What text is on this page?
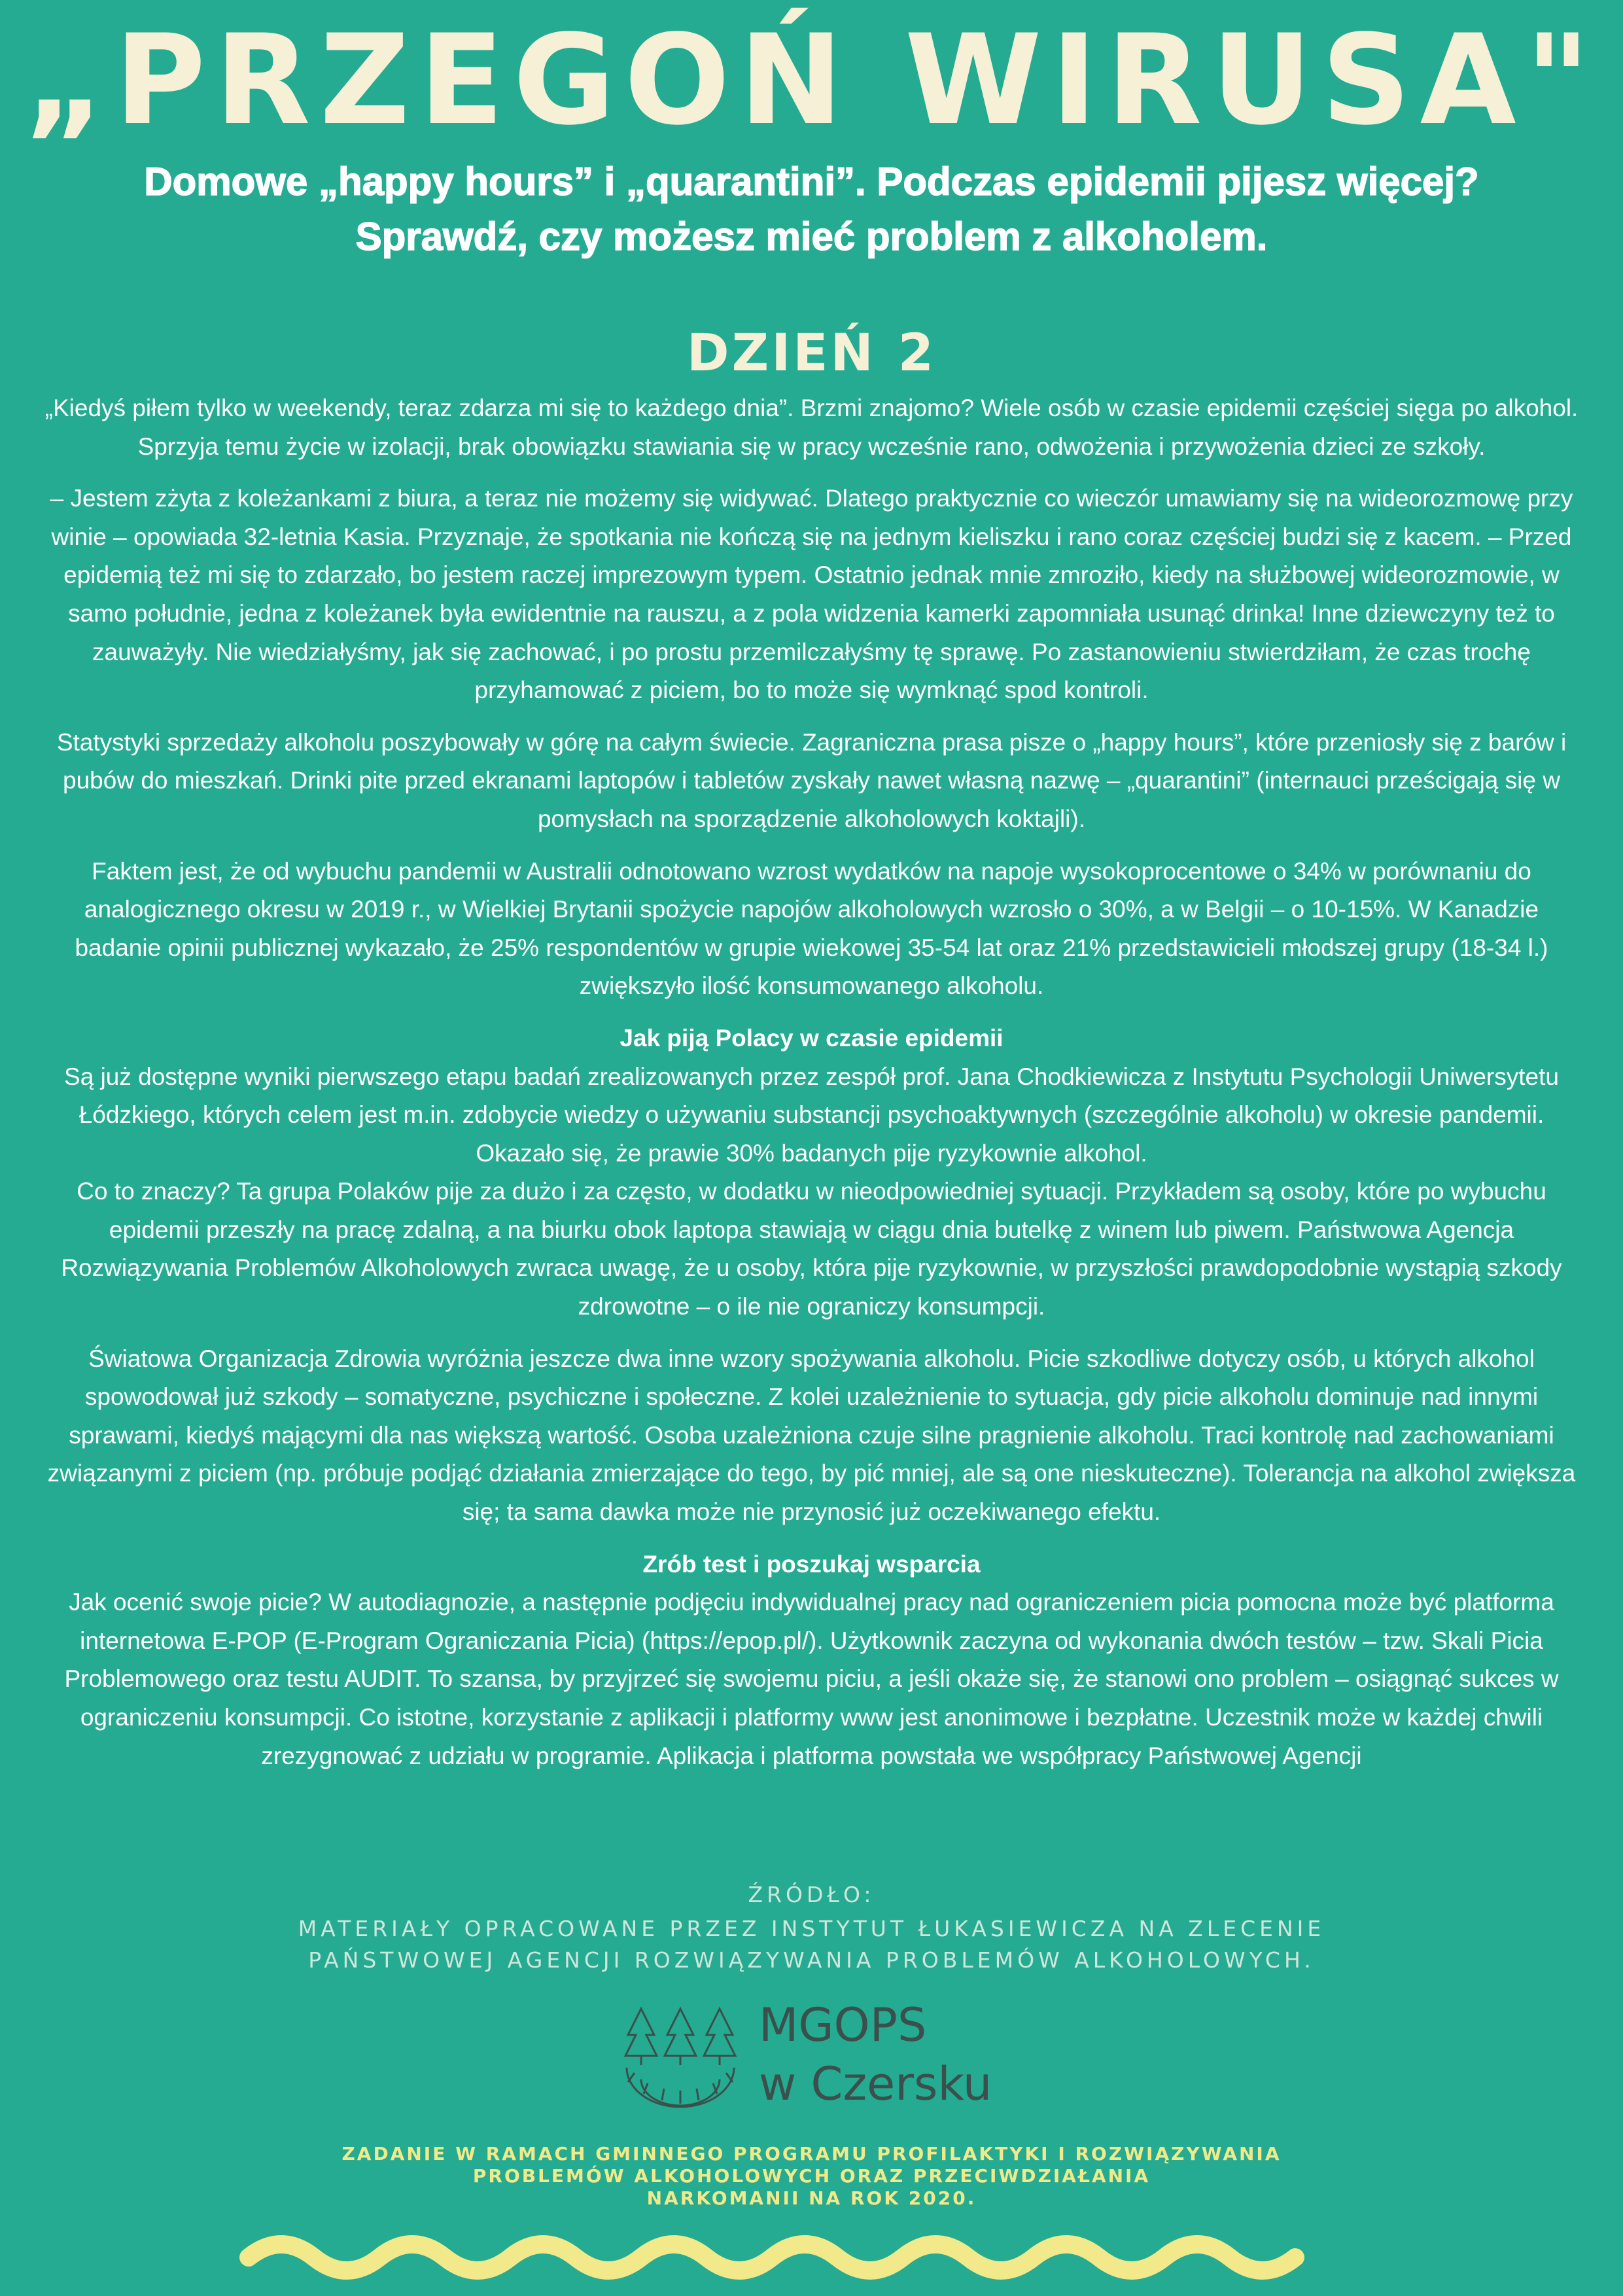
„PRZEGOŃ WIRUSA"
Domowe „happy hours” i „quarantini”. Podczas epidemii pijesz więcej? Sprawdź, czy możesz mieć problem z alkoholem.
DZIEŃ 2

„Kiedyś piłem tylko w weekendy, teraz zdarza mi się to każdego dnia”. Brzmi znajomo? Wiele osób w czasie epidemii częściej sięga po alkohol. Sprzyja temu życie w izolacji, brak obowiązku stawiania się w pracy wcześnie rano, odwożenia i przywożenia dzieci ze szkoły.

– Jestem zżyta z koleżankami z biura, a teraz nie możemy się widywać. Dlatego praktycznie co wieczór umawiamy się na wideorozmowę przy winie – opowiada 32-letnia Kasia. Przyznaje, że spotkania nie kończą się na jednym kieliszku i rano coraz częściej budzi się z kacem. – Przed epidemią też mi się to zdarzało, bo jestem raczej imprezowym typem. Ostatnio jednak mnie zmroziło, kiedy na służbowej wideorozmowie, w samo południe, jedna z koleżanek była ewidentnie na rauszu, a z pola widzenia kamerki zapomniała usunąć drinka! Inne dziewczyny też to zauważyły. Nie wiedziałyśmy, jak się zachować, i po prostu przemilczałyśmy tę sprawę. Po zastanowieniu stwierdziłam, że czas trochę przyhamować z piciem, bo to może się wymknąć spod kontroli.

Statystyki sprzedaży alkoholu poszybowały w górę na całym świecie. Zagraniczna prasa pisze o „happy hours”, które przeniosły się z barów i pubów do mieszkań. Drinki pite przed ekranami laptopów i tabletów zyskały nawet własną nazwę – „quarantini” (internauci prześcigają się w pomysłach na sporządzenie alkoholowych koktajli).

Faktem jest, że od wybuchu pandemii w Australii odnotowano wzrost wydatków na napoje wysokoprocentowe o 34% w porównaniu do analogicznego okresu w 2019 r., w Wielkiej Brytanii spożycie napojów alkoholowych wzrosło o 30%, a w Belgii – o 10-15%. W Kanadzie badanie opinii publicznej wykazało, że 25% respondentów w grupie wiekowej 35-54 lat oraz 21% przedstawicieli młodszej grupy (18-34 l.) zwiększyło ilość konsumowanego alkoholu.

Jak piją Polacy w czasie epidemii

Są już dostępne wyniki pierwszego etapu badań zrealizowanych przez zespół prof. Jana Chodkiewicza z Instytutu Psychologii Uniwersytetu Łódzkiego, których celem jest m.in. zdobycie wiedzy o używaniu substancji psychoaktywnych (szczególnie alkoholu) w okresie pandemii. Okazało się, że prawie 30% badanych pije ryzykownie alkohol.

Co to znaczy? Ta grupa Polaków pije za dużo i za często, w dodatku w nieodpowiedniej sytuacji. Przykładem są osoby, które po wybuchu epidemii przeszły na pracę zdalną, a na biurku obok laptopa stawiają w ciągu dnia butelkę z winem lub piwem. Państwowa Agencja Rozwiązywania Problemów Alkoholowych zwraca uwagę, że u osoby, która pije ryzykownie, w przyszłości prawdopodobnie wystąpią szkody zdrowotne – o ile nie ograniczy konsumpcji.

Światowa Organizacja Zdrowia wyróżnia jeszcze dwa inne wzory spożywania alkoholu. Picie szkodliwe dotyczy osób, u których alkohol spowodował już szkody – somatyczne, psychiczne i społeczne. Z kolei uzależnienie to sytuacja, gdy picie alkoholu dominuje nad innymi sprawami, kiedyś mającymi dla nas większą wartość. Osoba uzależniona czuje silne pragnienie alkoholu. Traci kontrolę nad zachowaniami związanymi z piciem (np. próbuje podjąć działania zmierzające do tego, by pić mniej, ale są one nieskuteczne). Tolerancja na alkohol zwiększa się; ta sama dawka może nie przynosić już oczekiwanego efektu.

Zrób test i poszukaj wsparcia

Jak ocenić swoje picie? W autodiagnozie, a następnie podjęciu indywidualnej pracy nad ograniczeniem picia pomocna może być platforma internetowa E-POP (E-Program Ograniczania Picia) (https://epop.pl/). Użytkownik zaczyna od wykonania dwóch testów – tzw. Skali Picia Problemowego oraz testu AUDIT. To szansa, by przyjrzeć się swojemu piciu, a jeśli okaże się, że stanowi ono problem – osiągnąć sukces w ograniczeniu konsumpcji. Co istotne, korzystanie z aplikacji i platformy www jest anonimowe i bezpłatne. Uczestnik może w każdej chwili zrezygnować z udziału w programie. Aplikacja i platforma powstała we współpracy Państwowej Agencji

ŹRÓDŁO:
MATERIAŁY OPRACOWANE PRZEZ INSTYTUT ŁUKASIEWICZA NA ZLECENIE
PAŃSTWOWEJ AGENCJI ROZWIĄZYWANIA PROBLEMÓW ALKOHOLOWYCH.
MGOPS
w Czersku
ZADANIE W RAMACH GMINNEGO PROGRAMU PROFILAKTYKI I ROZWIĄZYWANIA
PROBLEMÓW ALKOHOLOWYCH ORAZ PRZECIWDZIAŁANIA
NARKOMANII NA ROK 2020.
